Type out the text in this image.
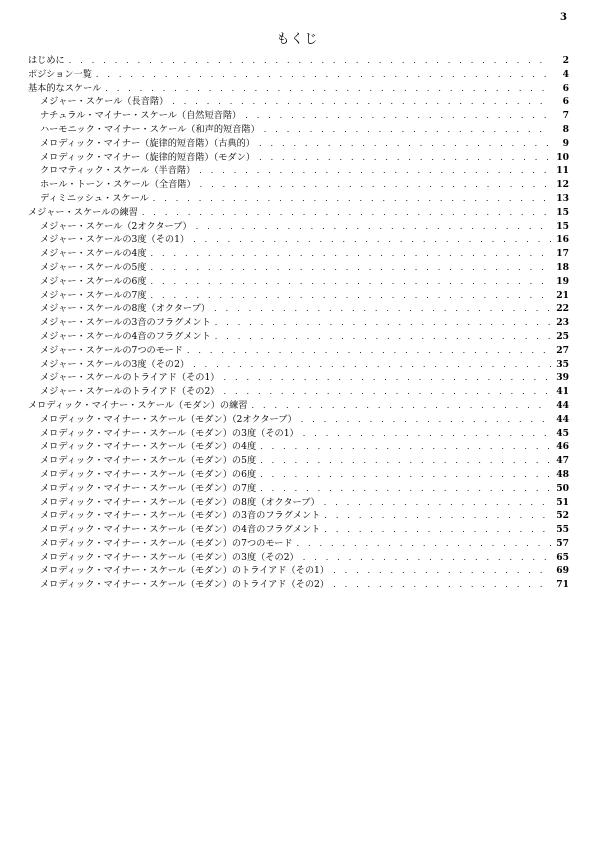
3
もくじ
はじめに . . .	2
ポジション一覧 . . .	4
基本的なスケール . . .	6
メジャー・スケール（長音階） . . .	6
ナチュラル・マイナー・スケール（自然短音階） . . .	7
ハーモニック・マイナー・スケール（和声的短音階） . . .	8
メロディック・マイナー（旋律的短音階）（古典的） . . .	9
メロディック・マイナー（旋律的短音階）（モダン） . . .	10
クロマティック・スケール（半音階） . . .	11
ホール・トーン・スケール（全音階） . . .	12
ディミニッシュ・スケール . . .	13
メジャー・スケールの練習 . . .	15
メジャー・スケール（2オクターブ） . . .	15
メジャー・スケールの3度（その1） . . .	16
メジャー・スケールの4度 . . .	17
メジャー・スケールの5度 . . .	18
メジャー・スケールの6度 . . .	19
メジャー・スケールの7度 . . .	21
メジャー・スケールの8度（オクターブ） . . .	22
メジャー・スケールの3音のフラグメント . . .	23
メジャー・スケールの4音のフラグメント . . .	25
メジャー・スケールの7つのモード . . .	27
メジャー・スケールの3度（その2） . . .	35
メジャー・スケールのトライアド（その1） . . .	39
メジャー・スケールのトライアド（その2） . . .	41
メロディック・マイナー・スケール（モダン）の練習 . . .	44
メロディック・マイナー・スケール（モダン）（2オクターブ） . . .	44
メロディック・マイナー・スケール（モダン）の3度（その1） . . .	45
メロディック・マイナー・スケール（モダン）の4度 . . .	46
メロディック・マイナー・スケール（モダン）の5度 . . .	47
メロディック・マイナー・スケール（モダン）の6度 . . .	48
メロディック・マイナー・スケール（モダン）の7度 . . .	50
メロディック・マイナー・スケール（モダン）の8度（オクターブ） . . .	51
メロディック・マイナー・スケール（モダン）の3音のフラグメント . . .	52
メロディック・マイナー・スケール（モダン）の4音のフラグメント . . .	55
メロディック・マイナー・スケール（モダン）の7つのモード . . .	57
メロディック・マイナー・スケール（モダン）の3度（その2） . . .	65
メロディック・マイナー・スケール（モダン）のトライアド（その1） . . .	69
メロディック・マイナー・スケール（モダン）のトライアド（その2） . . .	71
